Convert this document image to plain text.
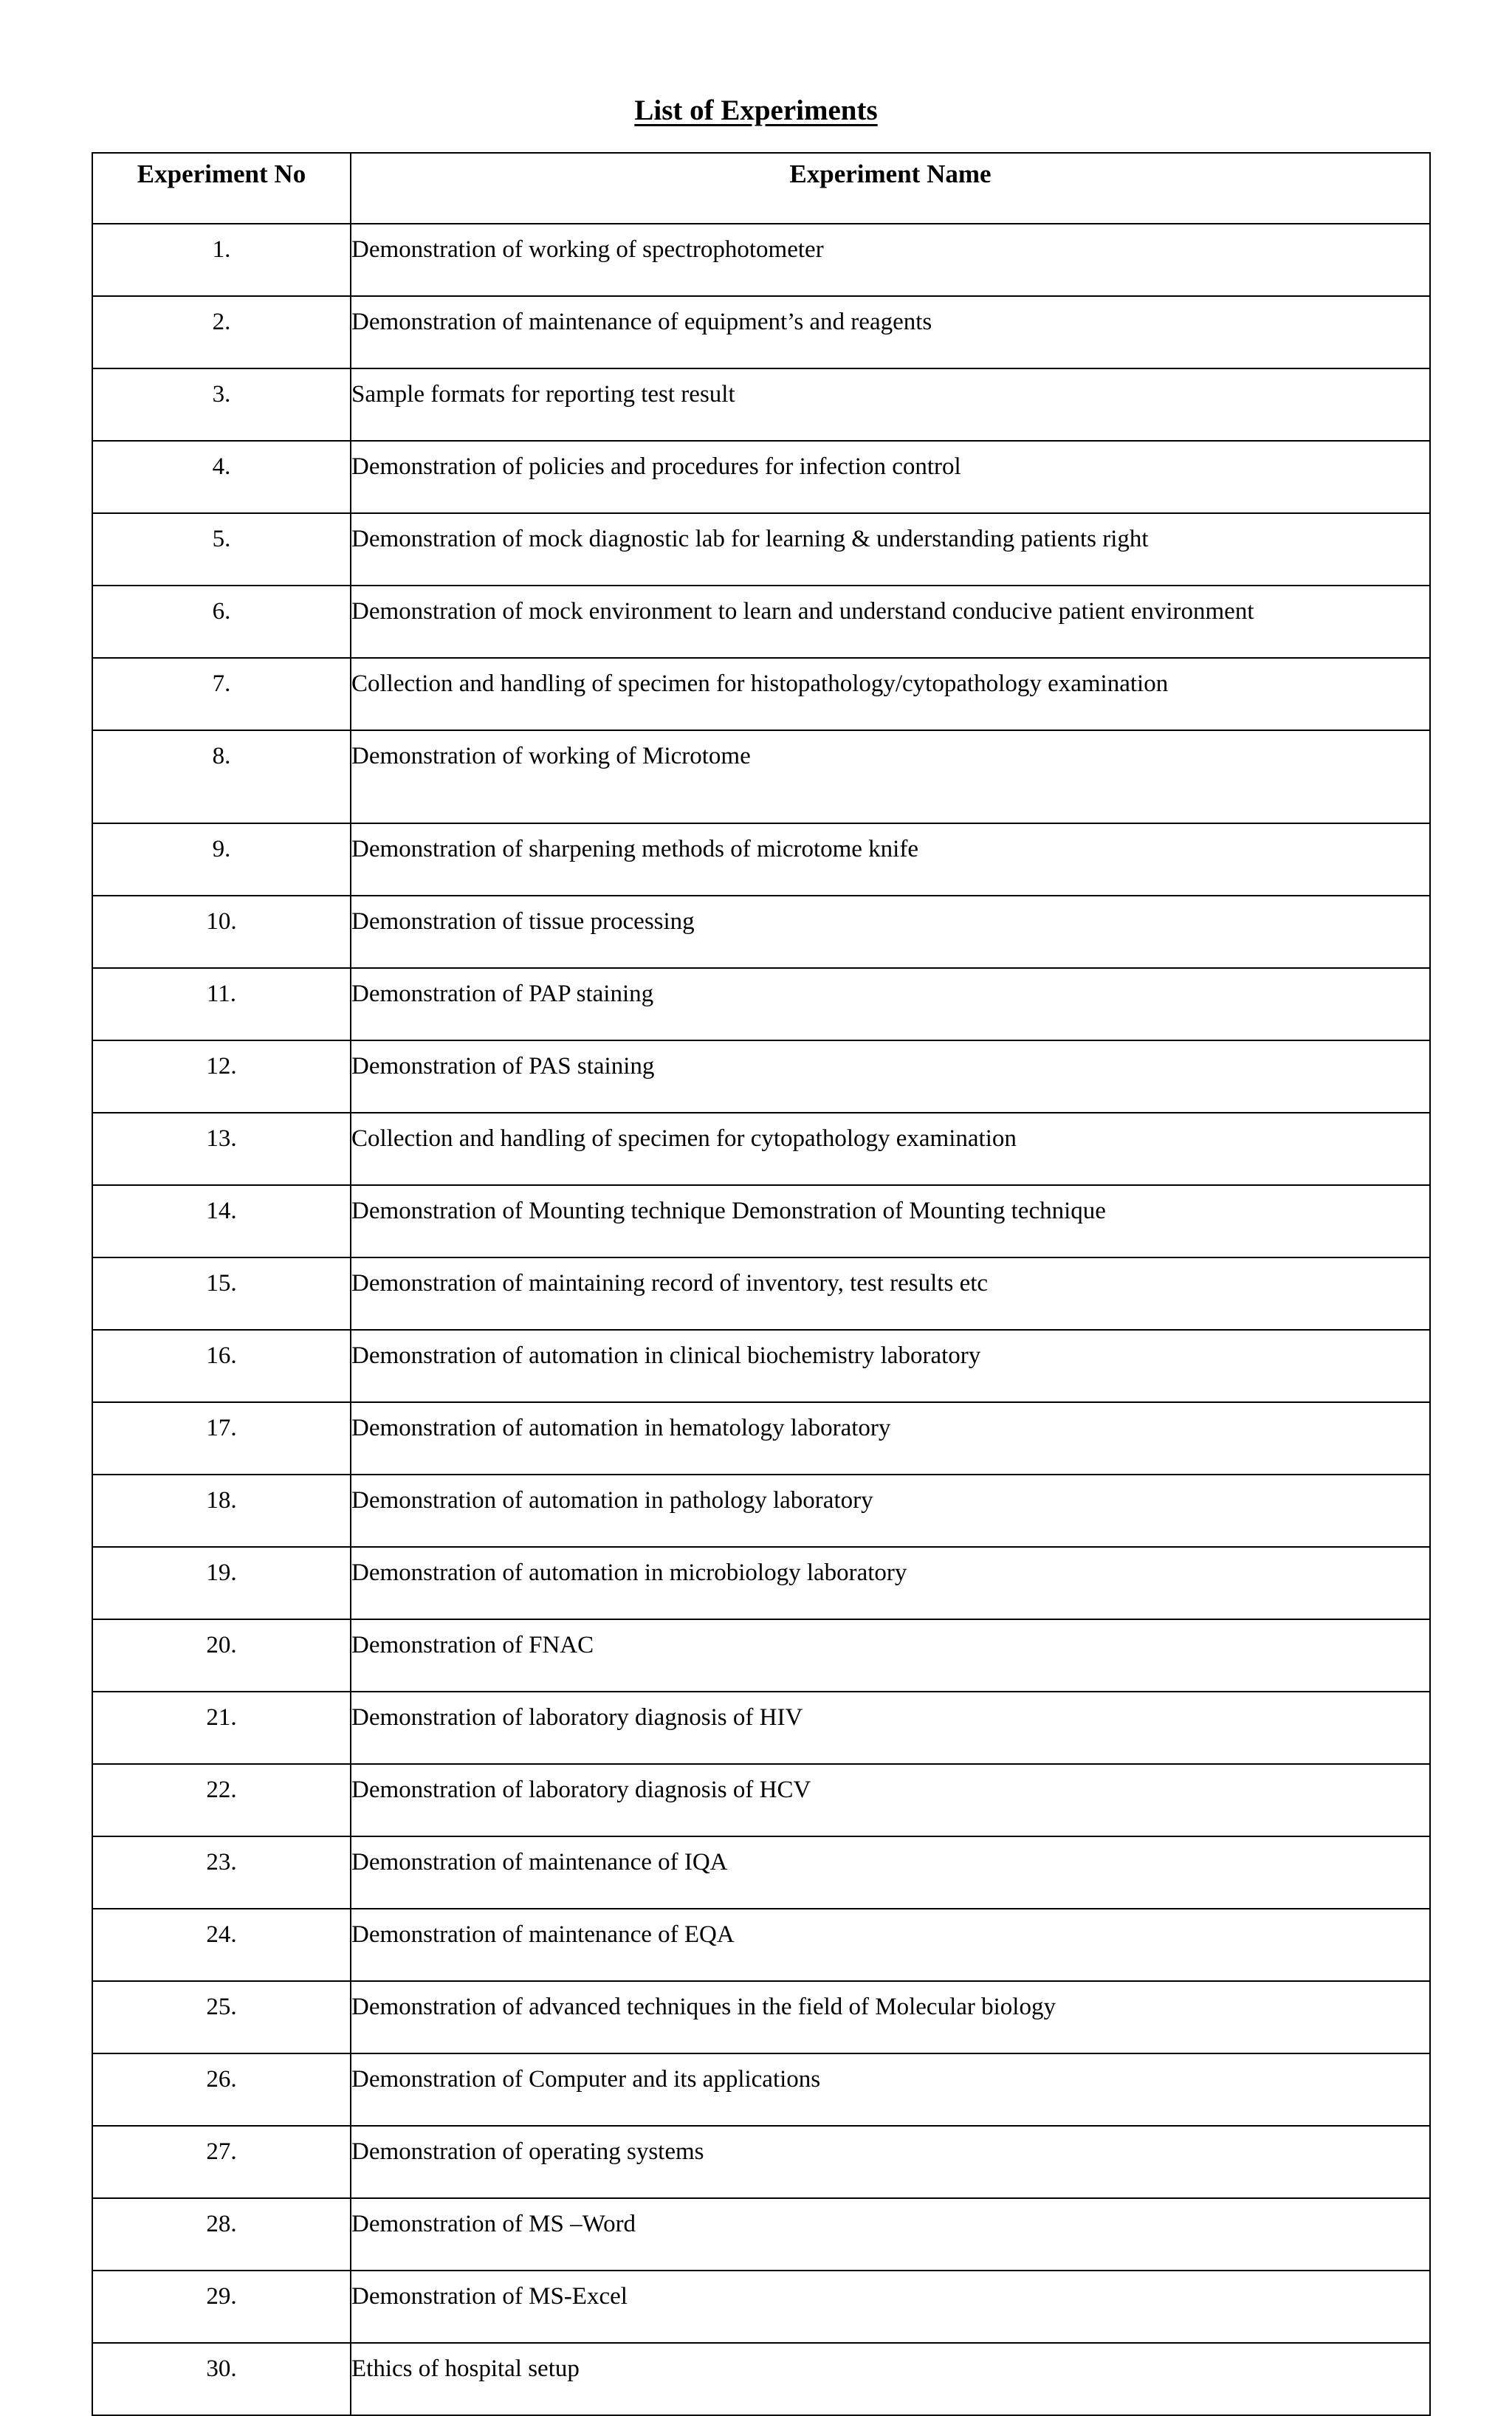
List of Experiments
Experiment No	Experiment Name
1.	Demonstration of working of spectrophotometer
2.	Demonstration of maintenance of equipment’s and reagents
3.	Sample formats for reporting test result
4.	Demonstration of policies and procedures for infection control
5.	Demonstration of mock diagnostic lab for learning & understanding patients right
6.	Demonstration of mock environment to learn and understand conducive patient environment
7.	Collection and handling of specimen for histopathology/cytopathology examination
8.	Demonstration of working of Microtome
9.	Demonstration of sharpening methods of microtome knife
10.	Demonstration of tissue processing
11.	Demonstration of PAP staining
12.	Demonstration of PAS staining
13.	Collection and handling of specimen for cytopathology examination
14.	Demonstration of Mounting technique Demonstration of Mounting technique
15.	Demonstration of maintaining record of inventory, test results etc
16.	Demonstration of automation in clinical biochemistry laboratory
17.	Demonstration of automation in hematology laboratory
18.	Demonstration of automation in pathology laboratory
19.	Demonstration of automation in microbiology laboratory
20.	Demonstration of FNAC
21.	Demonstration of laboratory diagnosis of HIV
22.	Demonstration of laboratory diagnosis of HCV
23.	Demonstration of maintenance of IQA
24.	Demonstration of maintenance of EQA
25.	Demonstration of advanced techniques in the field of Molecular biology
26.	Demonstration of Computer and its applications
27.	Demonstration of operating systems
28.	Demonstration of MS –Word
29.	Demonstration of MS-Excel
30.	Ethics of hospital setup
